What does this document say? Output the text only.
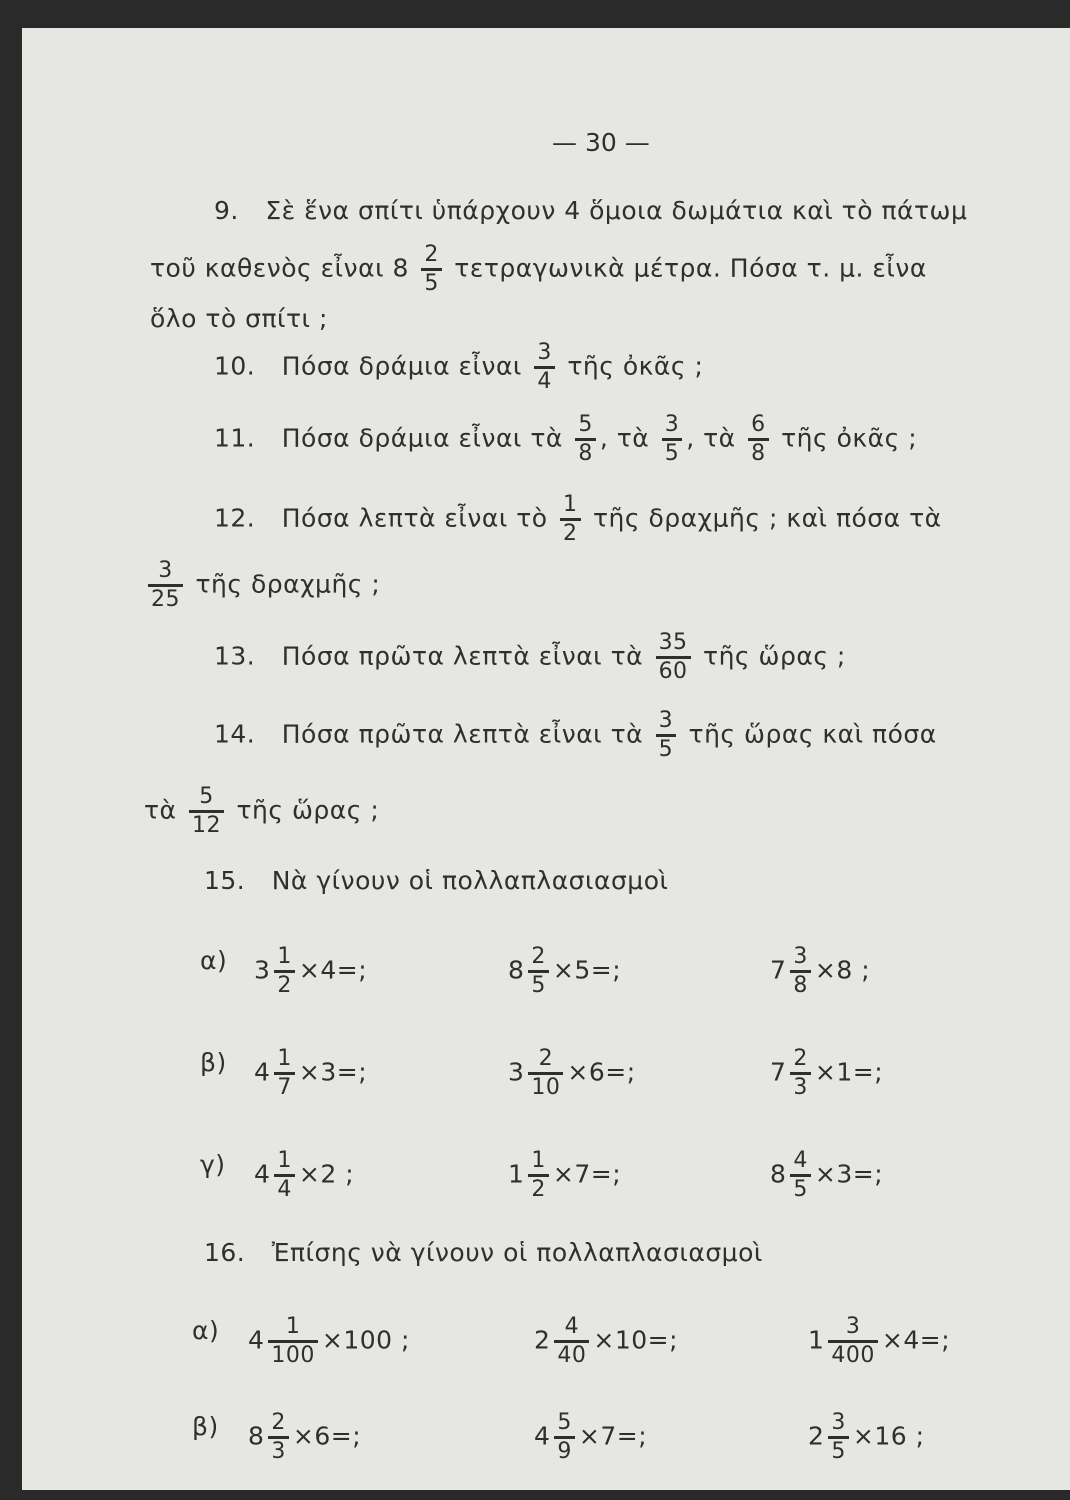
— 30 —
9. Σὲ ἕνα σπίτι ὑπάρχουν 4 ὅμοια δωμάτια καὶ τὸ πάτωμ
τοῦ καθενὸς εἶναι $8 \frac{2}{5}$ τετραγωνικὰ μέτρα. Πόσα τ. μ. εἶνα
ὅλο τὸ σπίτι ;
10. Πόσα δράμια εἶναι $\frac{3}{4}$ τῆς ὀκᾶς ;
11. Πόσα δράμια εἶναι τὰ $\frac{5}{8}$ , τὰ $\frac{3}{5}$ , τὰ $\frac{6}{8}$ τῆς ὀκᾶς ;
12. Πόσα λεπτὰ εἶναι τὸ $\frac{1}{2}$ τῆς δραχμῆς ; καὶ πόσα τὰ
$\frac{3}{25}$ τῆς δραχμῆς ;
13. Πόσα πρῶτα λεπτὰ εἶναι τὰ $\frac{35}{60}$ τῆς ὥρας ;
14. Πόσα πρῶτα λεπτὰ εἶναι τὰ $\frac{3}{5}$ τῆς ὥρας καὶ πόσα
τὰ $\frac{5}{12}$ τῆς ὥρας ;
15. Νὰ γίνουν οἱ πολλαπλασιασμοὶ
16. Ἐπίσης νὰ γίνουν οἱ πολλαπλασιασμοὶ
α) $3 \frac{1}{2} \times 4=$;	$8 \frac{2}{5} \times 5=$;	$7 \frac{3}{8} \times 8$ ;
β) $4 \frac{1}{7} \times 3=$;	$3 \frac{2}{10} \times 6=$;	$7 \frac{2}{3} \times 1=$;
γ) $4 \frac{1}{4} \times 2$ ;	$1 \frac{1}{2} \times 7=$;	$8 \frac{4}{5} \times 3=$;
α) $4 \frac{1}{100} \times 100$ ;	$2 \frac{4}{40} \times 10=$;	$1 \frac{3}{400} \times 4=$;
β) $8 \frac{2}{3} \times 6=$;	$4 \frac{5}{9} \times 7=$;	$2 \frac{3}{5} \times 16$ ;
